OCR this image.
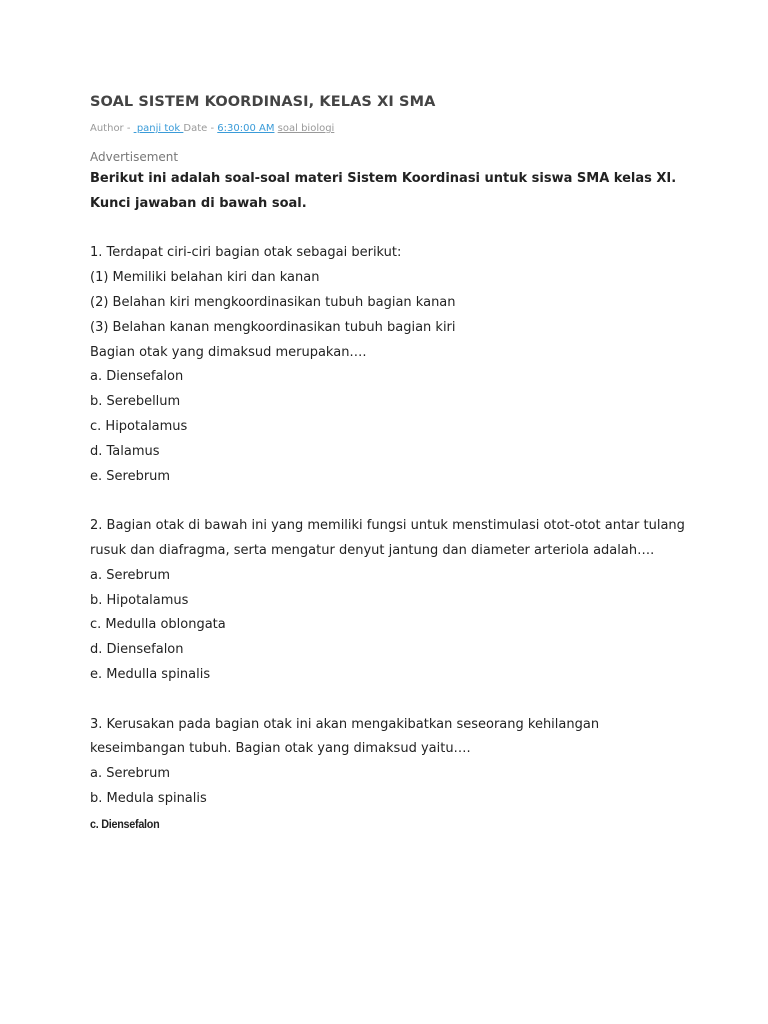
SOAL SISTEM KOORDINASI, KELAS XI SMA
Author -  panji tok Date - 6:30:00 AM soal biologi
Advertisement
Berikut ini adalah soal-soal materi Sistem Koordinasi untuk siswa SMA kelas XI.
Kunci jawaban di bawah soal.
1. Terdapat ciri-ciri bagian otak sebagai berikut:
(1) Memiliki belahan kiri dan kanan
(2) Belahan kiri mengkoordinasikan tubuh bagian kanan
(3) Belahan kanan mengkoordinasikan tubuh bagian kiri
Bagian otak yang dimaksud merupakan….
a. Diensefalon
b. Serebellum
c. Hipotalamus
d. Talamus
e. Serebrum
2. Bagian otak di bawah ini yang memiliki fungsi untuk menstimulasi otot-otot antar tulang rusuk dan diafragma, serta mengatur denyut jantung dan diameter arteriola adalah….
a. Serebrum
b. Hipotalamus
c. Medulla oblongata
d. Diensefalon
e. Medulla spinalis
3. Kerusakan pada bagian otak ini akan mengakibatkan seseorang kehilangan keseimbangan tubuh. Bagian otak yang dimaksud yaitu….
a. Serebrum
b. Medula spinalis
c. Diensefalon
